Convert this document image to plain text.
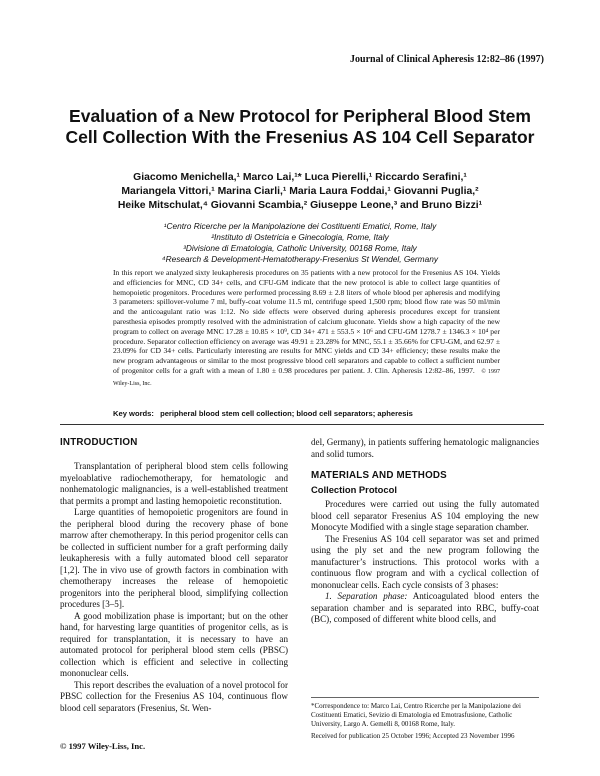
Journal of Clinical Apheresis 12:82–86 (1997)
Evaluation of a New Protocol for Peripheral Blood Stem Cell Collection With the Fresenius AS 104 Cell Separator
Giacomo Menichella,¹ Marco Lai,¹* Luca Pierelli,¹ Riccardo Serafini,¹
Mariangela Vittori,¹ Marina Ciarli,¹ Maria Laura Foddai,¹ Giovanni Puglia,²
Heike Mitschulat,⁴ Giovanni Scambia,² Giuseppe Leone,³ and Bruno Bizzi¹
¹Centro Ricerche per la Manipolazione dei Costituenti Ematici, Rome, Italy
²Instituto di Ostetricia e Ginecologia, Rome, Italy
³Divisione di Ematologia, Catholic University, 00168 Rome, Italy
⁴Research & Development-Hematotherapy-Fresenius St Wendel, Germany
In this report we analyzed sixty leukapheresis procedures on 35 patients with a new protocol for the Fresenius AS 104. Yields and efficiencies for MNC, CD 34+ cells, and CFU-GM indicate that the new protocol is able to collect large quantities of hemopoietic progenitors. Procedures were performed processing 8.69 ± 2.8 liters of whole blood per apheresis and modifying 3 parameters: spillover-volume 7 ml, buffy-coat volume 11.5 ml, centrifuge speed 1,500 rpm; blood flow rate was 50 ml/min and the anticoagulant ratio was 1:12. No side effects were observed during apheresis procedures except for transient paresthesia episodes promptly resolved with the administration of calcium gluconate. Yields show a high capacity of the new program to collect on average MNC 17.28 ± 10.85 × 10⁹, CD 34+ 471 ± 553.5 × 10⁶ and CFU-GM 1278.7 ± 1346.3 × 10⁴ per procedure. Separator collection efficiency on average was 49.91 ± 23.28% for MNC, 55.1 ± 35.66% for CFU-GM, and 62.97 ± 23.09% for CD 34+ cells. Particularly interesting are results for MNC yields and CD 34+ efficiency; these results make the new program advantageous or similar to the most progressive blood cell separators and capable to collect a sufficient number of progenitor cells for a graft with a mean of 1.80 ± 0.98 procedures per patient. J. Clin. Apheresis 12:82–86, 1997. © 1997 Wiley-Liss, Inc.
Key words: peripheral blood stem cell collection; blood cell separators; apheresis
INTRODUCTION

Transplantation of peripheral blood stem cells following myeloablative radiochemotherapy, for hematologic and nonhematologic malignancies, is a well-established treatment that permits a prompt and lasting hemopoietic reconstitution.

Large quantities of hemopoietic progenitors are found in the peripheral blood during the recovery phase of bone marrow after chemotherapy. In this period progenitor cells can be collected in sufficient number for a graft performing daily leukapheresis with a fully automated blood cell separator [1,2]. The in vivo use of growth factors in combination with chemotherapy increases the release of hemopoietic progenitors into the peripheral blood, simplifying collection procedures [3–5].

A good mobilization phase is important; but on the other hand, for harvesting large quantities of progenitor cells, as is required for transplantation, it is necessary to have an automated protocol for peripheral blood stem cells (PBSC) collection which is efficient and selective in collecting mononuclear cells.

This report describes the evaluation of a novel protocol for PBSC collection for the Fresenius AS 104, continuous flow blood cell separators (Fresenius, St. Wen-

del, Germany), in patients suffering hematologic malignancies and solid tumors.

MATERIALS AND METHODS
Collection Protocol

Procedures were carried out using the fully automated blood cell separator Fresenius AS 104 employing the new Monocyte Modified with a single stage separation chamber.

The Fresenius AS 104 cell separator was set and primed using the ply set and the new program following the manufacturer’s instructions. This protocol works with a continuous flow program and with a cyclical collection of mononuclear cells. Each cycle consists of 3 phases:

1. Separation phase: Anticoagulated blood enters the separation chamber and is separated into RBC, buffy-coat (BC), composed of different white blood cells, and

*Correspondence to: Marco Lai, Centro Ricerche per la Manipolazione dei Costituenti Ematici, Sevizio di Ematologia ed Emotrasfusione, Catholic University, Largo A. Gemelli 8, 00168 Rome, Italy.
Received for publication 25 October 1996; Accepted 23 November 1996
© 1997 Wiley-Liss, Inc.
